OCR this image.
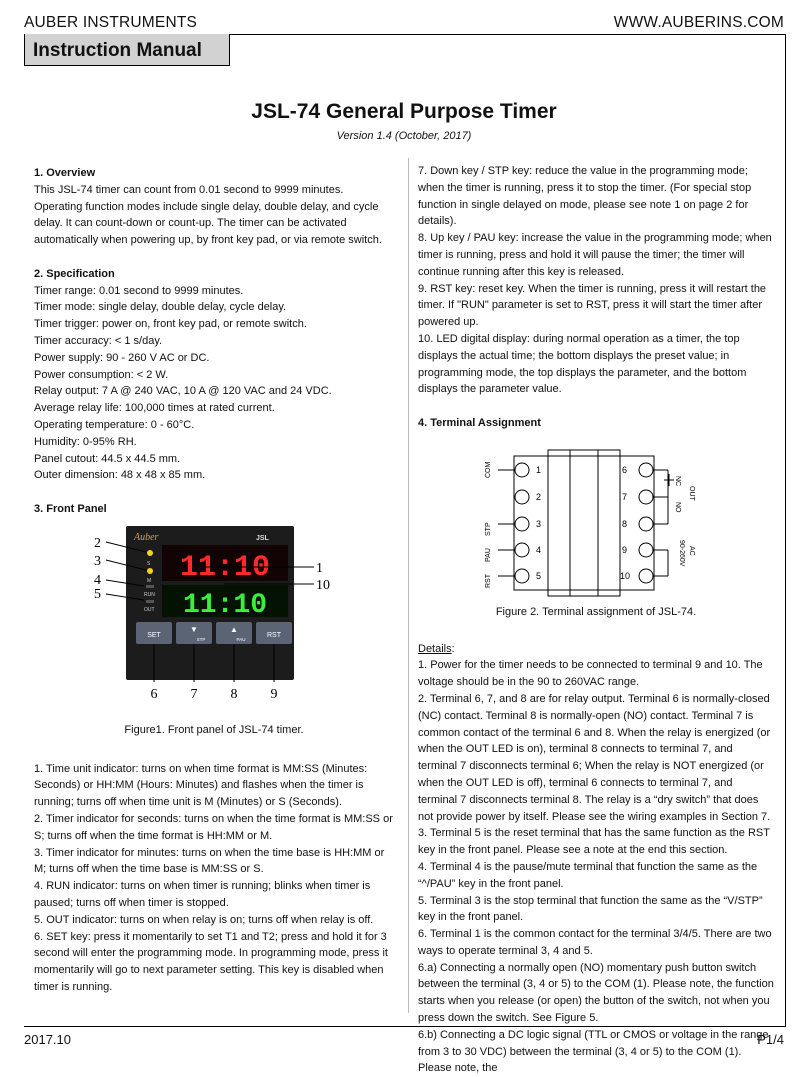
AUBER INSTRUMENTS	WWW.AUBERINS.COM
Instruction Manual
JSL-74 General Purpose Timer
Version 1.4 (October, 2017)

1. Overview

This JSL-74 timer can count from 0.01 second to 9999 minutes. Operating function modes include single delay, double delay, and cycle delay. It can count-down or count-up. The timer can be activated automatically when powering up, by front key pad, or via remote switch.

2. Specification

Timer range: 0.01 second to 9999 minutes.

Timer mode: single delay, double delay, cycle delay.

Timer trigger: power on, front key pad, or remote switch.

Timer accuracy: < 1 s/day.

Power supply: 90 - 260 V AC or DC.

Power consumption: < 2 W.

Relay output: 7 A @ 240 VAC, 10 A @ 120 VAC and 24 VDC.

Average relay life: 100,000 times at rated current.

Operating temperature: 0 - 60°C.

Humidity: 0-95% RH.

Panel cutout: 44.5 x 44.5 mm.

Outer dimension: 48 x 48 x 85 mm.

3. Front Panel

Auber	JSL
S
M
RUN
OUT
11:10
11:10
SET
▼
STP
▲
PAU
RST
2
3
4
5
1
10
6 7 8 9

Figure1. Front panel of JSL-74 timer.

1. Time unit indicator: turns on when time format is MM:SS (Minutes: Seconds) or HH:MM (Hours: Minutes) and flashes when the timer is running; turns off when time unit is M (Minutes) or S (Seconds).

2. Timer indicator for seconds: turns on when the time format is MM:SS or S; turns off when the time format is HH:MM or M.

3. Timer indicator for minutes: turns on when the time base is HH:MM or M; turns off when the time base is MM:SS or S.

4. RUN indicator: turns on when timer is running; blinks when timer is paused; turns off when timer is stopped.

5. OUT indicator: turns on when relay is on; turns off when relay is off.

6. SET key: press it momentarily to set T1 and T2; press and hold it for 3 second will enter the programming mode. In programming mode, press it momentarily will go to next parameter setting. This key is disabled when timer is running.

7. Down key / STP key: reduce the value in the programming mode; when the timer is running, press it to stop the timer. (For special stop function in single delayed on mode, please see note 1 on page 2 for details).

8. Up key / PAU key: increase the value in the programming mode; when timer is running, press and hold it will pause the timer; the timer will continue running after this key is released.

9. RST key: reset key. When the timer is running, press it will restart the timer. If "RUN" parameter is set to RST, press it will start the timer after powered up.

10. LED digital display: during normal operation as a timer, the top displays the actual time; the bottom displays the preset value; in programming mode, the top displays the parameter, and the bottom displays the parameter value.

4. Terminal Assignment

COM
STP
PAU
RST
1
2
3
4
5
6
7
8
9
10
NC
NO
OUT
AC
90-260V

Figure 2. Terminal assignment of JSL-74.

Details:

1. Power for the timer needs to be connected to terminal 9 and 10. The voltage should be in the 90 to 260VAC range.

2. Terminal 6, 7, and 8 are for relay output. Terminal 6 is normally-closed (NC) contact. Terminal 8 is normally-open (NO) contact. Terminal 7 is common contact of the terminal 6 and 8. When the relay is energized (or when the OUT LED is on), terminal 8 connects to terminal 7, and terminal 7 disconnects terminal 6; When the relay is NOT energized (or when the OUT LED is off), terminal 6 connects to terminal 7, and terminal 7 disconnects terminal 8. The relay is a “dry switch” that does not provide power by itself. Please see the wiring examples in Section 7.

3. Terminal 5 is the reset terminal that has the same function as the RST key in the front panel. Please see a note at the end this section.

4. Terminal 4 is the pause/mute terminal that function the same as the “^/PAU” key in the front panel.

5. Terminal 3 is the stop terminal that function the same as the “V/STP” key in the front panel.

6. Terminal 1 is the common contact for the terminal 3/4/5. There are two ways to operate terminal 3, 4 and 5.

6.a) Connecting a normally open (NO) momentary push button switch between the terminal (3, 4 or 5) to the COM (1). Please note, the function starts when you release (or open) the button of the switch, not when you press down the switch. See Figure 5.

6.b) Connecting a DC logic signal (TTL or CMOS or voltage in the range from 3 to 30 VDC) between the terminal (3, 4 or 5) to the COM (1). Please note, the

2017.10	P1/4
